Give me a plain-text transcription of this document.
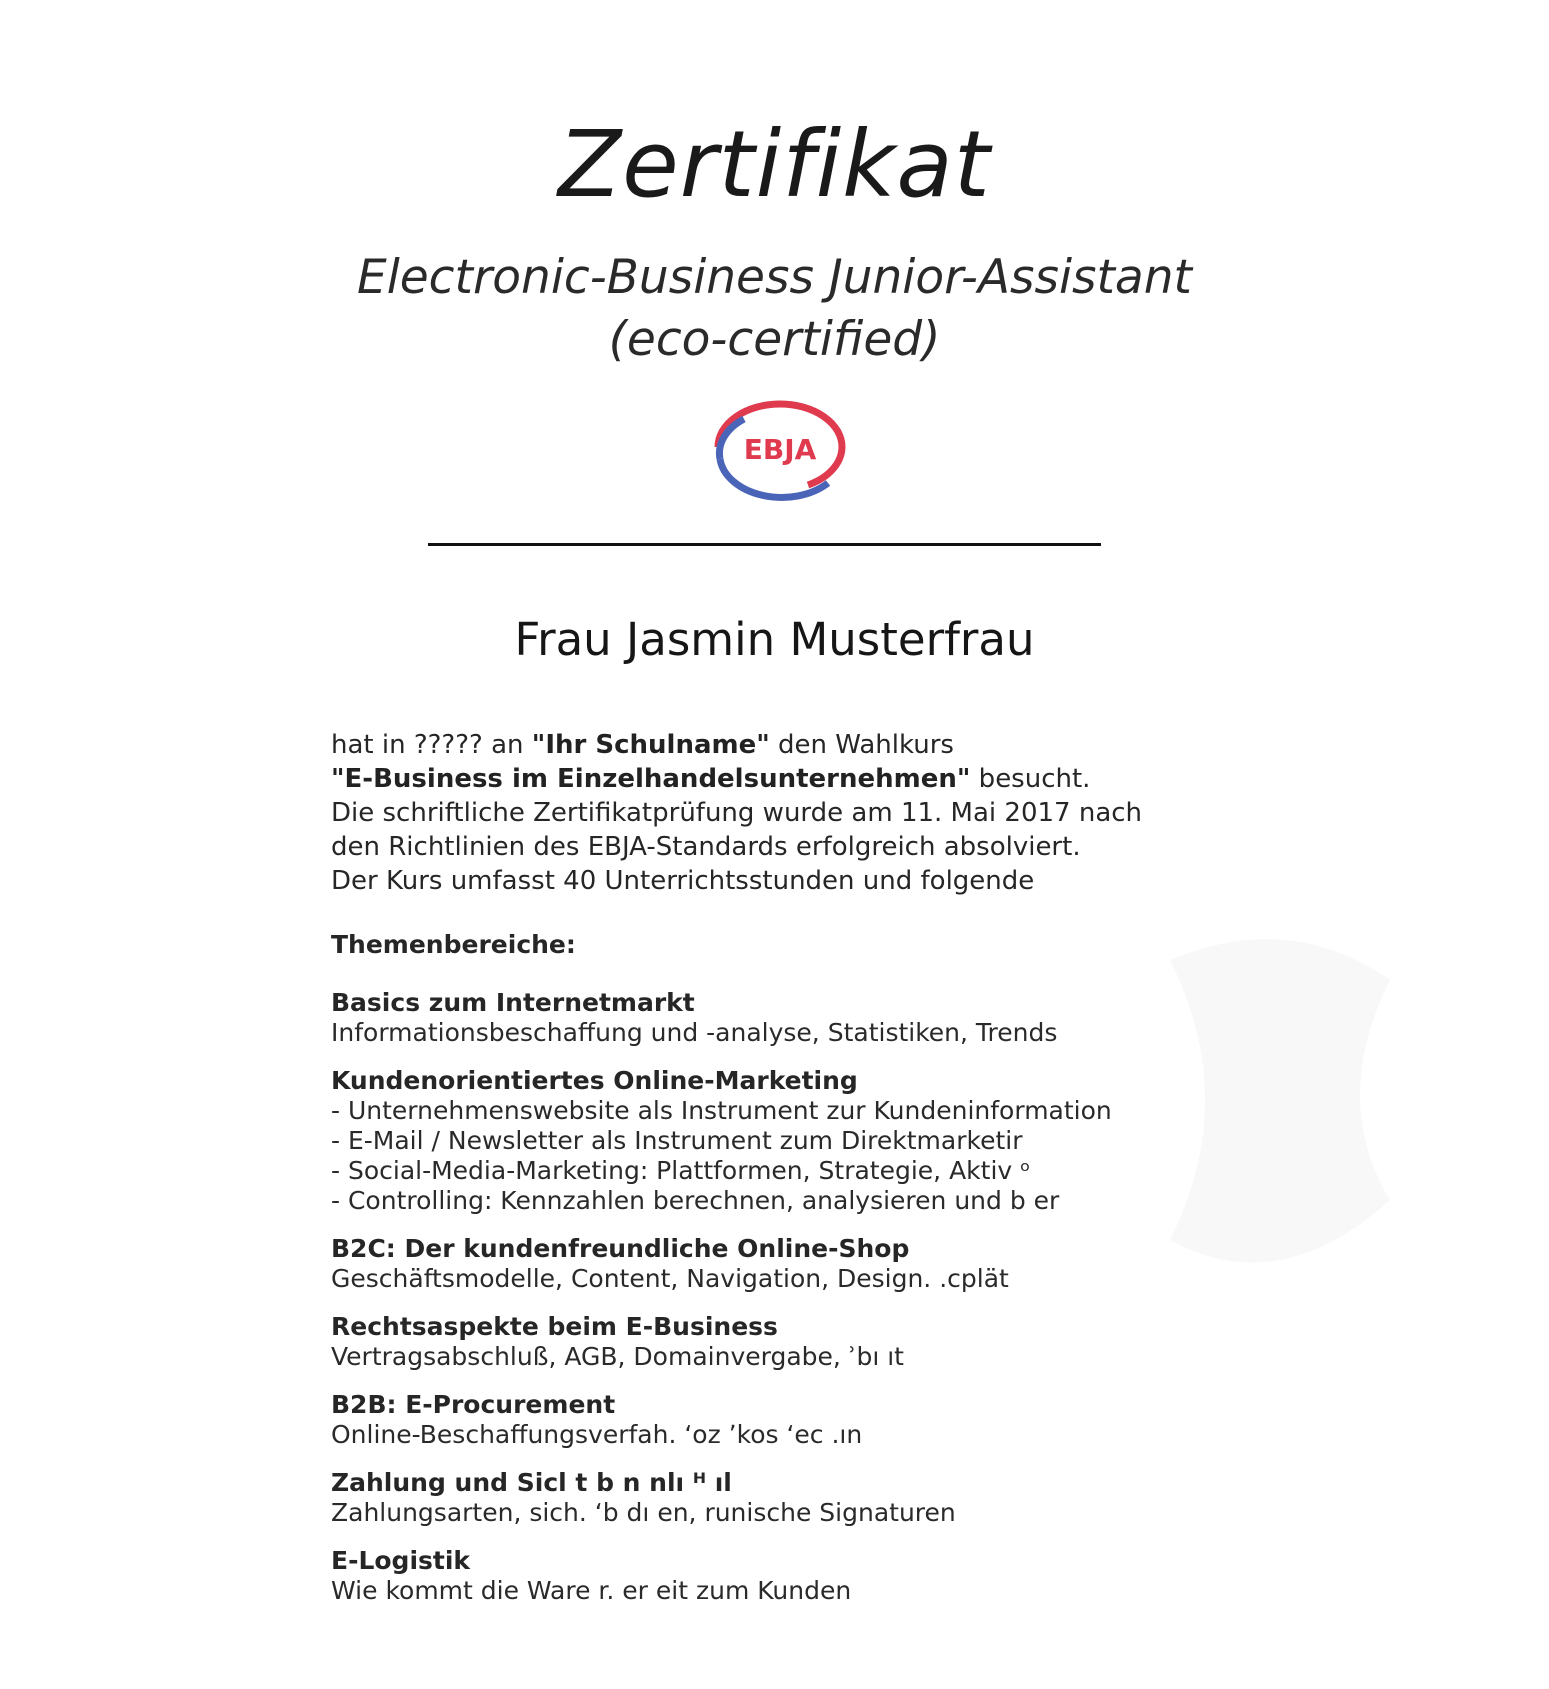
Zertifikat
Electronic-Business Junior-Assistant
(eco-certified)
EBJA
Frau Jasmin Musterfrau

hat in ????? an "Ihr Schulname" den Wahlkurs

"E-Business im Einzelhandelsunternehmen" besucht.

Die schriftliche Zertifikatprüfung wurde am 11. Mai 2017 nach

den Richtlinien des EBJA-Standards erfolgreich absolviert.

Der Kurs umfasst 40 Unterrichtsstunden und folgende

Themenbereiche:
Basics zum Internetmarkt
Informationsbeschaffung und -analyse, Statistiken, Trends
Kundenorientiertes Online-Marketing
- Unternehmenswebsite als Instrument zur Kundeninformation
- E-Mail / Newsletter als Instrument zum Direktmarketir
- Social-Media-Marketing: Plattformen, Strategie, Aktiv ᵒ
- Controlling: Kennzahlen berechnen, analysieren und b er
B2C: Der kundenfreundliche Online-Shop
Geschäftsmodelle, Content, Navigation, Design. .cplät
Rechtsaspekte beim E-Business
Vertragsabschluß, AGB, Domainvergabe, ʾbı ıt
B2B: E-Procurement
Online-Beschaffungsverfah. ʻoz ʼkos ʻec .ın
Zahlung und Sicl t b n nlı ᴴ ıl
Zahlungsarten, sich. ʻb dı en, runische Signaturen
E-Logistik
Wie kommt die Ware r. er eit zum Kunden
